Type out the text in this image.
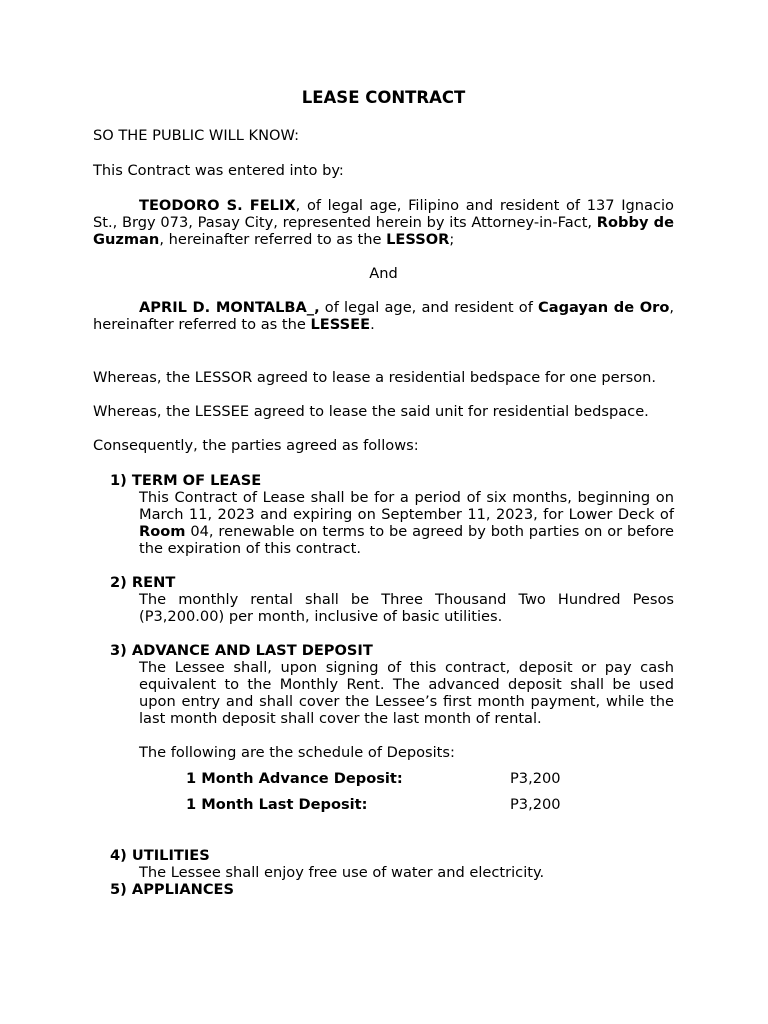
LEASE CONTRACT

SO THE PUBLIC WILL KNOW:

This Contract was entered into by:

TEODORO S. FELIX, of legal age, Filipino and resident of 137 Ignacio St., Brgy 073, Pasay City, represented herein by its Attorney-in-Fact, Robby de Guzman, hereinafter referred to as the LESSOR;

And

APRIL D. MONTALBA_, of legal age, and resident of Cagayan de Oro, hereinafter referred to as the LESSEE.

Whereas, the LESSOR agreed to lease a residential bedspace for one person.

Whereas, the LESSEE agreed to lease the said unit for residential bedspace.

Consequently, the parties agreed as follows:

1) TERM OF LEASE

This Contract of Lease shall be for a period of six months, beginning on March 11, 2023 and expiring on September 11, 2023, for Lower Deck of Room 04, renewable on terms to be agreed by both parties on or before the expiration of this contract.

2) RENT

The monthly rental shall be Three Thousand Two Hundred Pesos (P3,200.00) per month, inclusive of basic utilities.

3) ADVANCE AND LAST DEPOSIT

The Lessee shall, upon signing of this contract, deposit or pay cash equivalent to the Monthly Rent. The advanced deposit shall be used upon entry and shall cover the Lessee’s first month payment, while the last month deposit shall cover the last month of rental.

The following are the schedule of Deposits:

1 Month Advance Deposit:	P3,200
1 Month Last Deposit:	P3,200
4) UTILITIES

The Lessee shall enjoy free use of water and electricity.

5) APPLIANCES
